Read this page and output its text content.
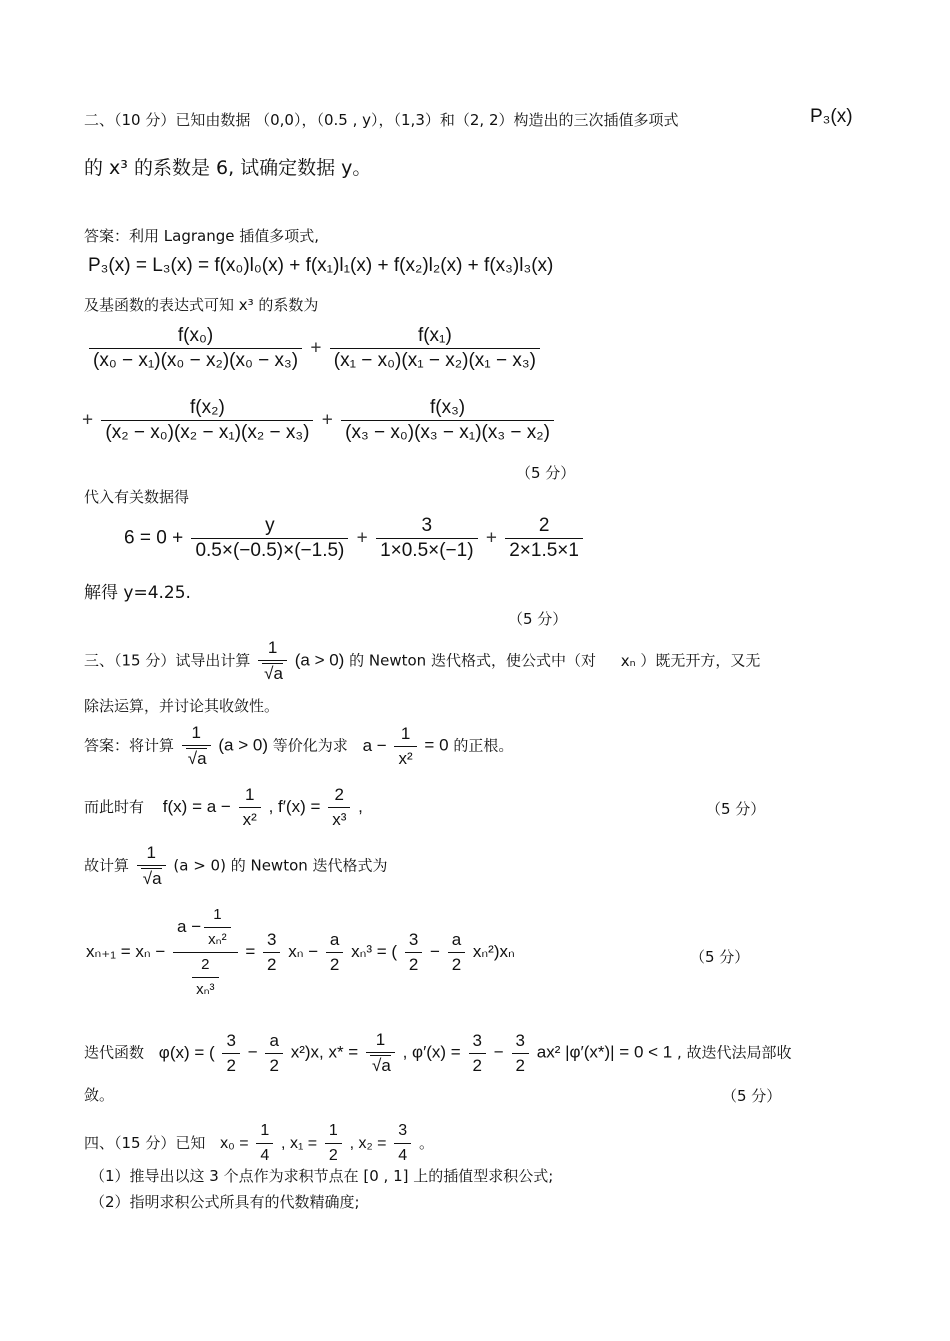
二、（10 分）已知由数据 （0,0），（0.5 , y），（1,3）和（2, 2）构造出的三次插值多项式	P₃(x)
的 x³ 的系数是 6, 试确定数据 y。
答案：利用 Lagrange 插值多项式,
P₃(x) = L₃(x) = f(x₀)l₀(x) + f(x₁)l₁(x) + f(x₂)l₂(x) + f(x₃)l₃(x)
及基函数的表达式可知 x³ 的系数为
$\frac{\text{f(x₀)}}{\text{(x₀ − x₁)(x₀ − x₂)(x₀ − x₃)}} + \frac{\text{f(x₁)}}{\text{(x₁ − x₀)(x₁ − x₂)(x₁ − x₃)}}$
+ $\frac{\text{f(x₂)}}{\text{(x₂ − x₀)(x₂ − x₁)(x₂ − x₃)}} + \frac{\text{f(x₃)}}{\text{(x₃ − x₀)(x₃ − x₁)(x₃ − x₂)}}$
（5 分）
代入有关数据得
$6 = 0 + \frac{y}{0.5\times(-0.5)\times(-1.5)} + \frac{3}{1\times 0.5\times(-1)} + \frac{2}{2\times 1.5\times 1}$
解得 y=4.25.
（5 分）
三、（15 分）试导出计算 1
√ a (a > 0) 的 Newton 迭代格式，使公式中（对 xₙ ）既无开方，又无
除法运算，并讨论其收敛性。
答案：将计算 1
√ a (a > 0) 等价化为求 $a - \frac{1}{\text{x²}} = 0$ 的正根。
而此时有 $f(x) = a - \frac{1}{\text{x²}}$ , $f'(x) = \frac{2}{\text{x³}}$ ,	（5 分）
故计算 1
√ a (a > 0) 的 Newton 迭代格式为
$x_{n+1} = x_n - \frac{a - \frac{1}{\text{xₙ²}}}{\frac{2}{\text{xₙ³}}} = \frac{3}{2}$ $x_n - \frac{a}{2} x_n^3$ = ( $\frac{3}{2} - \frac{a}{2} x_n^2)x_n$	（5 分）
迭代函数 φ(x) = ( $\frac{3}{2} - \frac{a}{2} x^2)x$, x* = 1
√ a , $\varphi'(x) = \frac{3}{2} - \frac{3}{2} ax^2$ |φ′(x*)| = 0 < 1 , 故迭代法局部收
敛。	（5 分）
四、（15 分）已知 $x_0 = \frac{1}{4}$ , $x_1 = \frac{1}{2}$ , $x_2 = \frac{3}{4}$ 。
（1）推导出以这 3 个点作为求积节点在 [0 , 1] 上的插值型求积公式;
（2）指明求积公式所具有的代数精确度;
